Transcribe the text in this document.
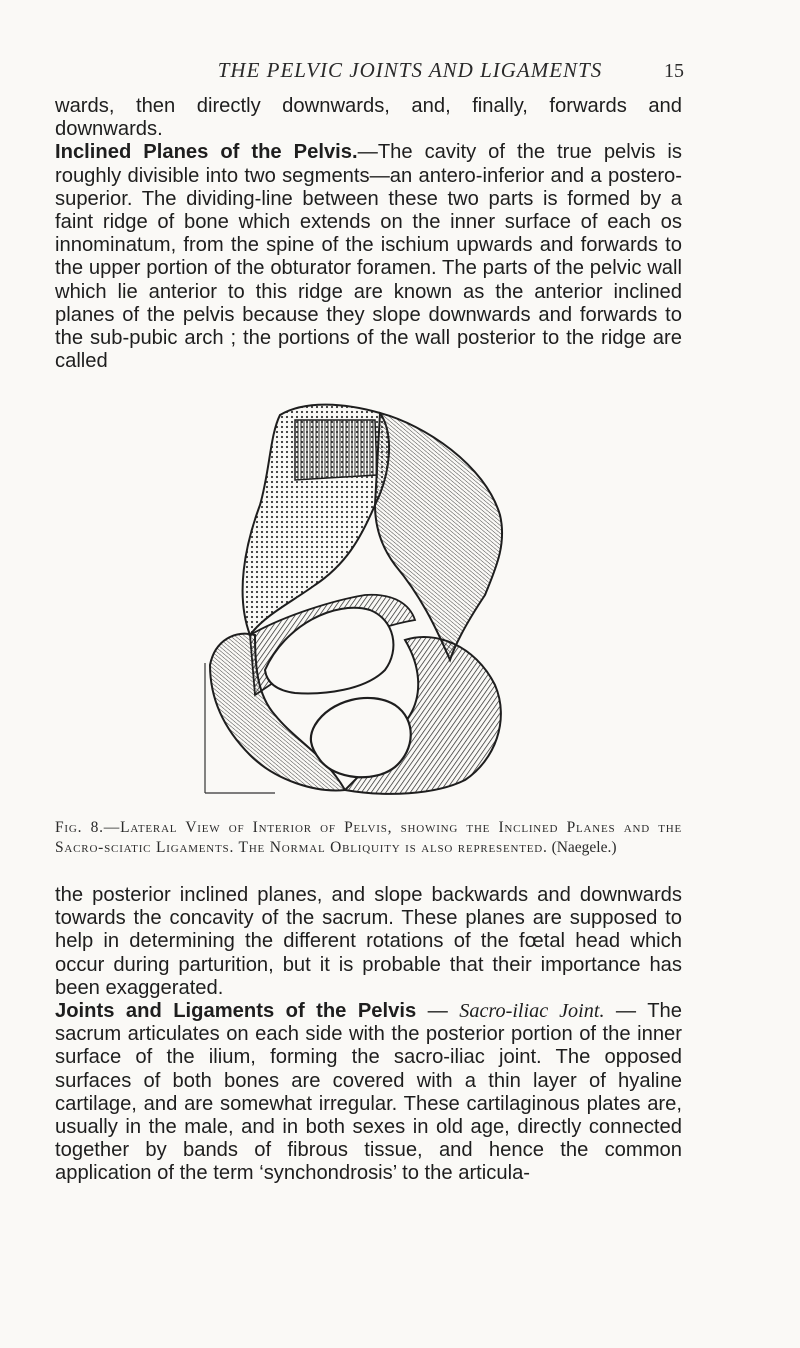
THE PELVIC JOINTS AND LIGAMENTS	15

wards, then directly downwards, and, finally, forwards and downwards.

Inclined Planes of the Pelvis.—The cavity of the true pelvis is roughly divisible into two segments—an antero-inferior and a postero-superior. The dividing-line between these two parts is formed by a faint ridge of bone which extends on the inner surface of each os innominatum, from the spine of the ischium upwards and forwards to the upper portion of the obturator foramen. The parts of the pelvic wall which lie anterior to this ridge are known as the anterior inclined planes of the pelvis because they slope downwards and forwards to the sub-pubic arch ; the portions of the wall posterior to the ridge are called

Fig. 8.—Lateral View of Interior of Pelvis, showing the Inclined Planes and the Sacro-sciatic Ligaments. The Normal Obliquity is also represented. (Naegele.)

the posterior inclined planes, and slope backwards and downwards towards the concavity of the sacrum. These planes are supposed to help in determining the different rotations of the fœtal head which occur during parturition, but it is probable that their importance has been exaggerated.

Joints and Ligaments of the Pelvis — Sacro-iliac Joint. — The sacrum articulates on each side with the posterior portion of the inner surface of the ilium, forming the sacro-iliac joint. The opposed surfaces of both bones are covered with a thin layer of hyaline cartilage, and are somewhat irregular. These cartilaginous plates are, usually in the male, and in both sexes in old age, directly connected together by bands of fibrous tissue, and hence the common application of the term ‘synchondrosis’ to the articula-
